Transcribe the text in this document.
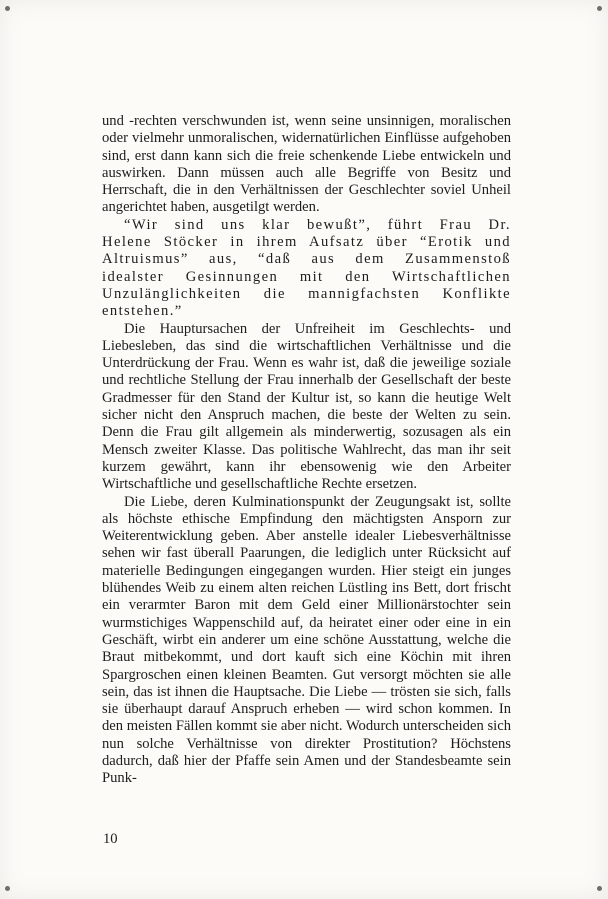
und -rechten verschwunden ist, wenn seine unsinnigen, moralischen oder vielmehr unmoralischen, widernatürlichen Einflüsse aufgehoben sind, erst dann kann sich die freie schenkende Liebe entwickeln und auswirken. Dann müssen auch alle Begriffe von Besitz und Herrschaft, die in den Verhältnissen der Geschlechter soviel Unheil angerichtet haben, ausgetilgt werden.

“Wir sind uns klar bewußt”, führt Frau Dr. Helene Stöcker in ihrem Aufsatz über “Erotik und Altruismus” aus, “daß aus dem Zusammenstoß idealster Gesinnungen mit den Wirtschaftlichen Unzulänglichkeiten die mannigfachsten Konflikte entstehen.”

Die Hauptursachen der Unfreiheit im Geschlechts- und Liebesleben, das sind die wirtschaftlichen Verhältnisse und die Unterdrückung der Frau. Wenn es wahr ist, daß die jeweilige soziale und rechtliche Stellung der Frau innerhalb der Gesellschaft der beste Gradmesser für den Stand der Kultur ist, so kann die heutige Welt sicher nicht den Anspruch machen, die beste der Welten zu sein. Denn die Frau gilt allgemein als minderwertig, sozusagen als ein Mensch zweiter Klasse. Das politische Wahlrecht, das man ihr seit kurzem gewährt, kann ihr ebensowenig wie den Arbeiter Wirtschaftliche und gesellschaftliche Rechte ersetzen.

Die Liebe, deren Kulminationspunkt der Zeugungsakt ist, sollte als höchste ethische Empfindung den mächtigsten Ansporn zur Weiterentwicklung geben. Aber anstelle idealer Liebesverhältnisse sehen wir fast überall Paarungen, die lediglich unter Rücksicht auf materielle Bedingungen eingegangen wurden. Hier steigt ein junges blühendes Weib zu einem alten reichen Lüstling ins Bett, dort frischt ein verarmter Baron mit dem Geld einer Millionärstochter sein wurmstichiges Wappenschild auf, da heiratet einer oder eine in ein Geschäft, wirbt ein anderer um eine schöne Ausstattung, welche die Braut mitbekommt, und dort kauft sich eine Köchin mit ihren Spargroschen einen kleinen Beamten. Gut versorgt möchten sie alle sein, das ist ihnen die Hauptsache. Die Liebe — trösten sie sich, falls sie überhaupt darauf Anspruch erheben — wird schon kommen. In den meisten Fällen kommt sie aber nicht. Wodurch unterscheiden sich nun solche Verhältnisse von direkter Prostitution? Höchstens dadurch, daß hier der Pfaffe sein Amen und der Standesbeamte sein Punk-

10
